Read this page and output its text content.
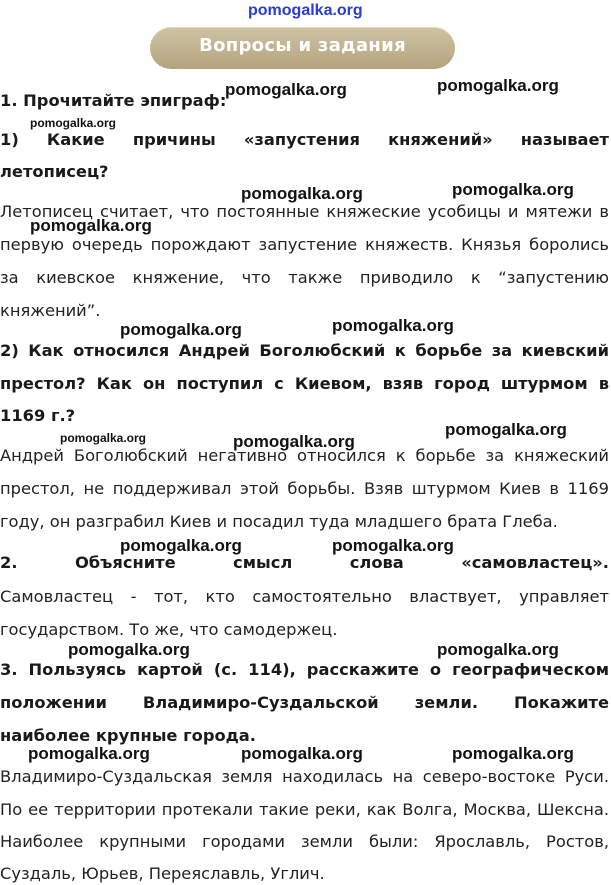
pomogalka.org
Вопросы и задания
1. Прочитайте эпиграф:
1) Какие причины «запустения княжений» называет
летописец?
Летописец считает, что постоянные княжеские усобицы и мятежи в
первую очередь порождают запустение княжеств. Князья боролись
за киевское княжение, что также приводило к “запустению
княжений”.
2) Как относился Андрей Боголюбский к борьбе за киевский
престол? Как он поступил с Киевом, взяв город штурмом в
1169 г.?
Андрей Боголюбский негативно относился к борьбе за княжеский
престол, не поддерживал этой борьбы. Взяв штурмом Киев в 1169
году, он разграбил Киев и посадил туда младшего брата Глеба.
2. Объясните смысл слова «самовластец».
Самовластец - тот, кто самостоятельно властвует, управляет
государством. То же, что самодержец.
3. Пользуясь картой (с. 114), расскажите о географическом
положении Владимиро-Суздальской земли. Покажите
наиболее крупные города.
Владимиро-Суздальская земля находилась на северо-востоке Руси.
По ее территории протекали такие реки, как Волга, Москва, Шексна.
Наиболее крупными городами земли были: Ярославль, Ростов,
Суздаль, Юрьев, Переяславль, Углич.
pomogalka.org	pomogalka.org
pomogalka.org
pomogalka.org	pomogalka.org
pomogalka.org
pomogalka.org	pomogalka.org
pomogalka.org	pomogalka.org
pomogalka.org
pomogalka.org	pomogalka.org
pomogalka.org	pomogalka.org
pomogalka.org	pomogalka.org	pomogalka.org
